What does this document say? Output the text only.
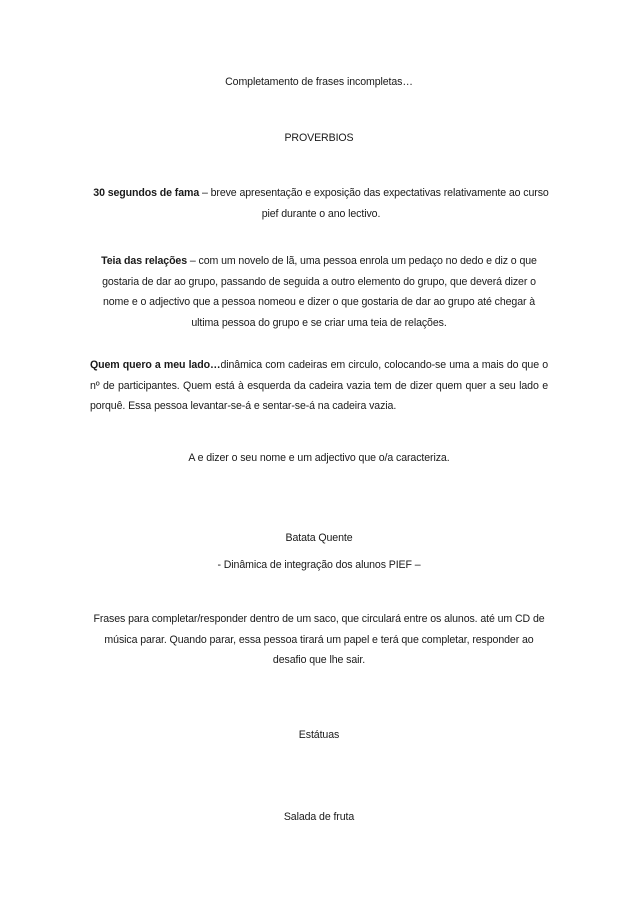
Completamento de frases incompletas…
PROVERBIOS
30 segundos de fama – breve apresentação e exposição das expectativas relativamente ao curso pief durante o ano lectivo.
Teia das relações – com um novelo de lã, uma pessoa enrola um pedaço no dedo e diz o que gostaria de dar ao grupo, passando de seguida a outro elemento do grupo, que deverá dizer o nome e o adjectivo que a pessoa nomeou e dizer o que gostaria de dar ao grupo até chegar à ultima pessoa do grupo e se criar uma teia de relações.
Quem quero a meu lado…dinâmica com cadeiras em circulo, colocando-se uma a mais do que o nº de participantes. Quem está à esquerda da cadeira vazia tem de dizer quem quer a seu lado e porquê. Essa pessoa levantar-se-á e sentar-se-á na cadeira vazia.
A e dizer o seu nome e um adjectivo que o/a caracteriza.
Batata Quente
- Dinâmica de integração dos alunos PIEF –
Frases para completar/responder dentro de um saco, que circulará entre os alunos. até um CD de música parar. Quando parar, essa pessoa tirará um papel e terá que completar, responder ao desafio que lhe sair.
Estátuas
Salada de fruta
